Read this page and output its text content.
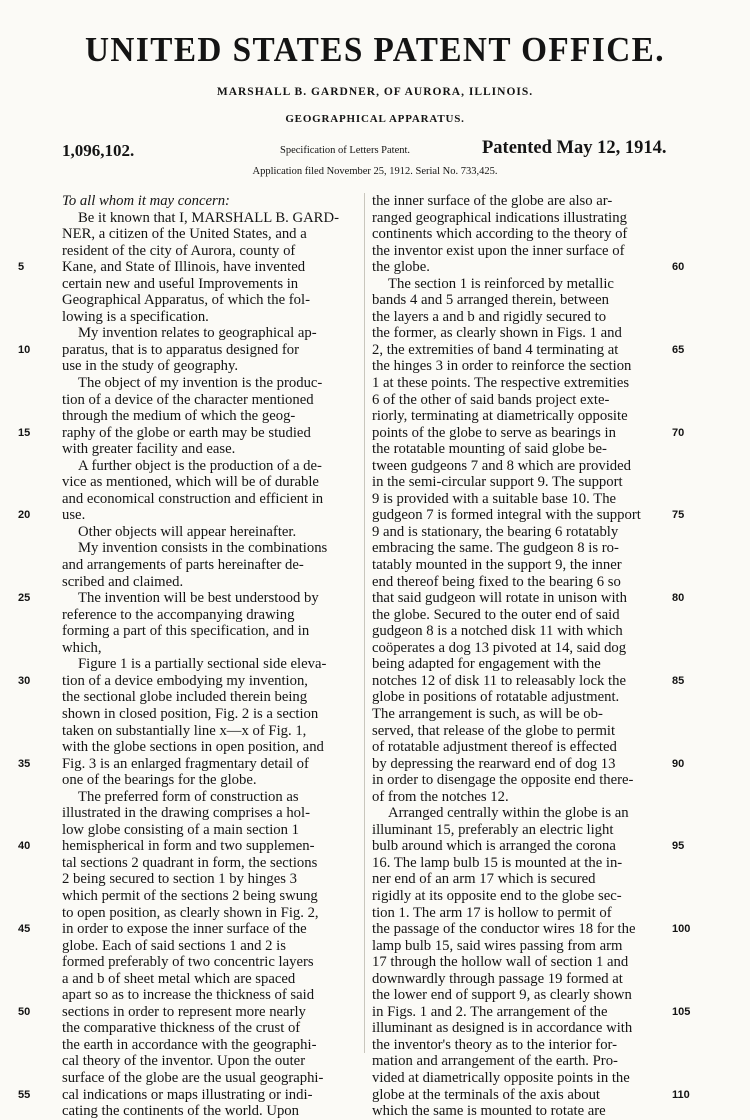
UNITED STATES PATENT OFFICE.
MARSHALL B. GARDNER, OF AURORA, ILLINOIS.
GEOGRAPHICAL APPARATUS.
1,096,102.	Specification of Letters Patent.	Patented May 12, 1914.
Application filed November 25, 1912. Serial No. 733,425.
To all whom it may concern:
Be it known that I, MARSHALL B. GARD-
NER, a citizen of the United States, and a
resident of the city of Aurora, county of
Kane, and State of Illinois, have invented
certain new and useful Improvements in
Geographical Apparatus, of which the fol-
lowing is a specification.
My invention relates to geographical ap-
paratus, that is to apparatus designed for
use in the study of geography.
The object of my invention is the produc-
tion of a device of the character mentioned
through the medium of which the geog-
raphy of the globe or earth may be studied
with greater facility and ease.
A further object is the production of a de-
vice as mentioned, which will be of durable
and economical construction and efficient in
use.
Other objects will appear hereinafter.
My invention consists in the combinations
and arrangements of parts hereinafter de-
scribed and claimed.
The invention will be best understood by
reference to the accompanying drawing
forming a part of this specification, and in
which,
Figure 1 is a partially sectional side eleva-
tion of a device embodying my invention,
the sectional globe included therein being
shown in closed position, Fig. 2 is a section
taken on substantially line x—x of Fig. 1,
with the globe sections in open position, and
Fig. 3 is an enlarged fragmentary detail of
one of the bearings for the globe.
The preferred form of construction as
illustrated in the drawing comprises a hol-
low globe consisting of a main section 1
hemispherical in form and two supplemen-
tal sections 2 quadrant in form, the sections
2 being secured to section 1 by hinges 3
which permit of the sections 2 being swung
to open position, as clearly shown in Fig. 2,
in order to expose the inner surface of the
globe. Each of said sections 1 and 2 is
formed preferably of two concentric layers
a and b of sheet metal which are spaced
apart so as to increase the thickness of said
sections in order to represent more nearly
the comparative thickness of the crust of
the earth in accordance with the geographi-
cal theory of the inventor. Upon the outer
surface of the globe are the usual geographi-
cal indications or maps illustrating or indi-
cating the continents of the world. Upon
the inner surface of the globe are also ar-
ranged geographical indications illustrating
continents which according to the theory of
the inventor exist upon the inner surface of
the globe.
The section 1 is reinforced by metallic
bands 4 and 5 arranged therein, between
the layers a and b and rigidly secured to
the former, as clearly shown in Figs. 1 and
2, the extremities of band 4 terminating at
the hinges 3 in order to reinforce the section
1 at these points. The respective extremities
6 of the other of said bands project exte-
riorly, terminating at diametrically opposite
points of the globe to serve as bearings in
the rotatable mounting of said globe be-
tween gudgeons 7 and 8 which are provided
in the semi-circular support 9. The support
9 is provided with a suitable base 10. The
gudgeon 7 is formed integral with the support
9 and is stationary, the bearing 6 rotatably
embracing the same. The gudgeon 8 is ro-
tatably mounted in the support 9, the inner
end thereof being fixed to the bearing 6 so
that said gudgeon will rotate in unison with
the globe. Secured to the outer end of said
gudgeon 8 is a notched disk 11 with which
coöperates a dog 13 pivoted at 14, said dog
being adapted for engagement with the
notches 12 of disk 11 to releasably lock the
globe in positions of rotatable adjustment.
The arrangement is such, as will be ob-
served, that release of the globe to permit
of rotatable adjustment thereof is effected
by depressing the rearward end of dog 13
in order to disengage the opposite end there-
of from the notches 12.
Arranged centrally within the globe is an
illuminant 15, preferably an electric light
bulb around which is arranged the corona
16. The lamp bulb 15 is mounted at the in-
ner end of an arm 17 which is secured
rigidly at its opposite end to the globe sec-
tion 1. The arm 17 is hollow to permit of
the passage of the conductor wires 18 for the
lamp bulb 15, said wires passing from arm
17 through the hollow wall of section 1 and
downwardly through passage 19 formed at
the lower end of support 9, as clearly shown
in Figs. 1 and 2. The arrangement of the
illuminant as designed is in accordance with
the inventor's theory as to the interior for-
mation and arrangement of the earth. Pro-
vided at diametrically opposite points in the
globe at the terminals of the axis about
which the same is mounted to rotate are
5
10
15
20
25
30
35
40
45
50
55
60
65
70
75
80
85
90
95
100
105
110
